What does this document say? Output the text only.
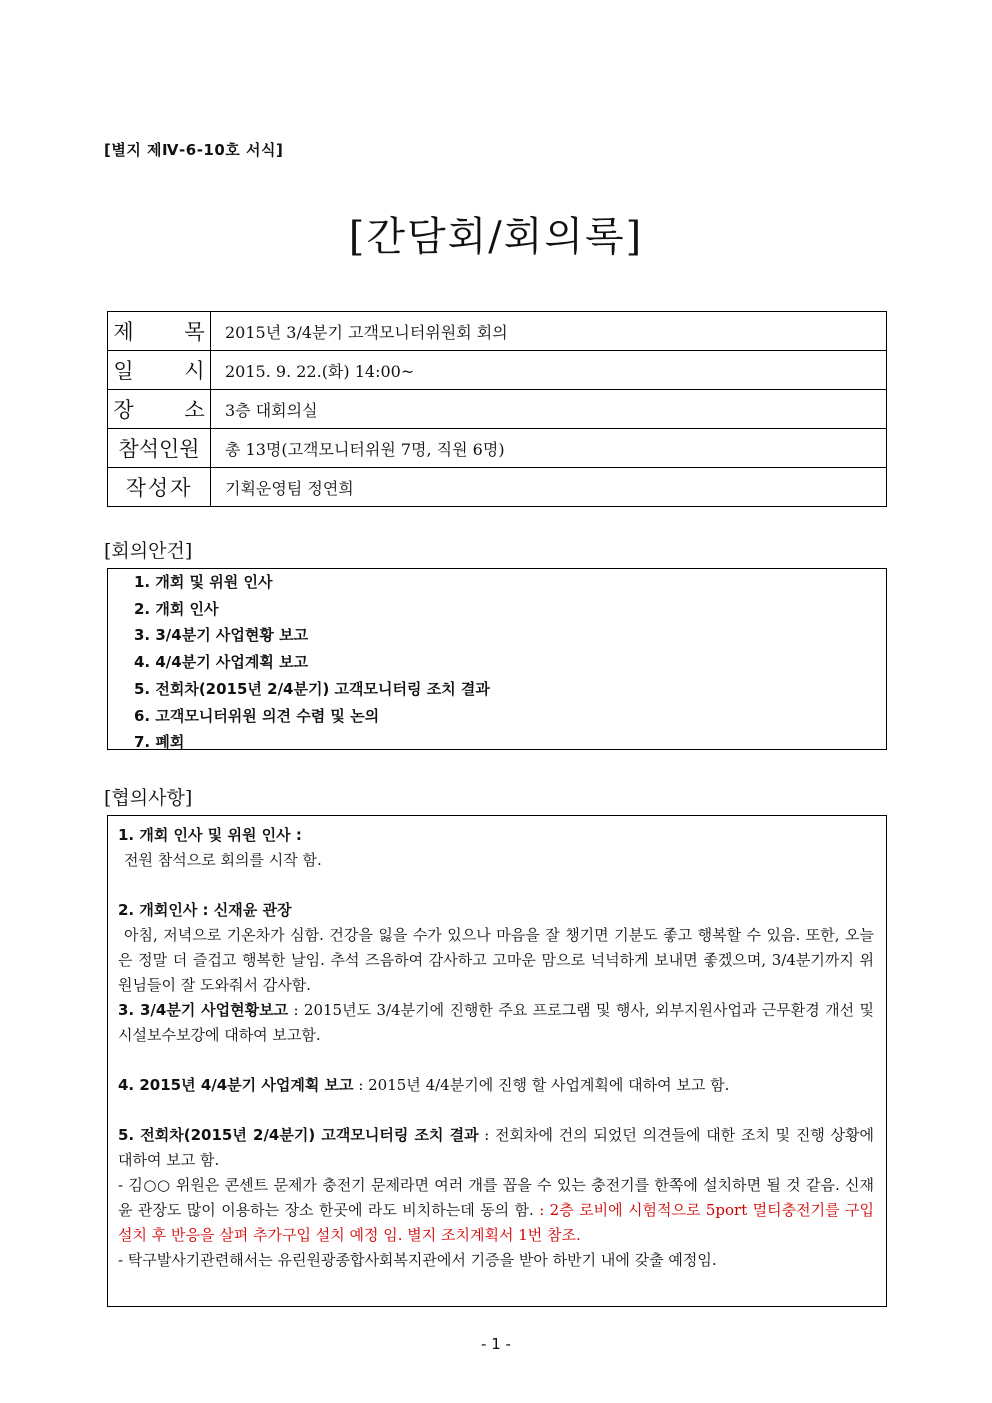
[별지 제Ⅳ-6-10호 서식]
[간담회/회의록]
제 목	2015년 3/4분기 고객모니터위원회 회의
일 시	2015. 9. 22.(화) 14:00~
장 소	3층 대회의실
참석인원	총 13명(고객모니터위원 7명, 직원 6명)
작성자	기획운영팀 정연희
[회의안건]
1. 개회 및 위원 인사
2. 개회 인사
3. 3/4분기 사업현황 보고
4. 4/4분기 사업계획 보고
5. 전회차(2015년 2/4분기) 고객모니터링 조치 결과
6. 고객모니터위원 의견 수렴 및 논의
7. 폐회
[협의사항]

1. 개회 인사 및 위원 인사 :

전원 참석으로 회의를 시작 함.

2. 개회인사 : 신재윤 관장

아침, 저녁으로 기온차가 심함. 건강을 잃을 수가 있으나 마음을 잘 챙기면 기분도 좋고 행복할 수 있음. 또한, 오늘은 정말 더 즐겁고 행복한 날임. 추석 즈음하여 감사하고 고마운 맘으로 넉넉하게 보내면 좋겠으며, 3/4분기까지 위원님들이 잘 도와줘서 감사함.

3. 3/4분기 사업현황보고 : 2015년도 3/4분기에 진행한 주요 프로그램 및 행사, 외부지원사업과 근무환경 개선 및 시설보수보강에 대하여 보고함.

4. 2015년 4/4분기 사업계획 보고 : 2015년 4/4분기에 진행 할 사업계획에 대하여 보고 함.

5. 전회차(2015년 2/4분기) 고객모니터링 조치 결과 : 전회차에 건의 되었던 의견들에 대한 조치 및 진행 상황에 대하여 보고 함.

- 김○○ 위원은 콘센트 문제가 충전기 문제라면 여러 개를 꼽을 수 있는 충전기를 한쪽에 설치하면 될 것 같음. 신재윤 관장도 많이 이용하는 장소 한곳에 라도 비치하는데 동의 함. : 2층 로비에 시험적으로 5port 멀티충전기를 구입 설치 후 반응을 살펴 추가구입 설치 예정 임. 별지 조치계획서 1번 참조.

- 탁구발사기관련해서는 유린원광종합사회복지관에서 기증을 받아 하반기 내에 갖출 예정임.

- 1 -
